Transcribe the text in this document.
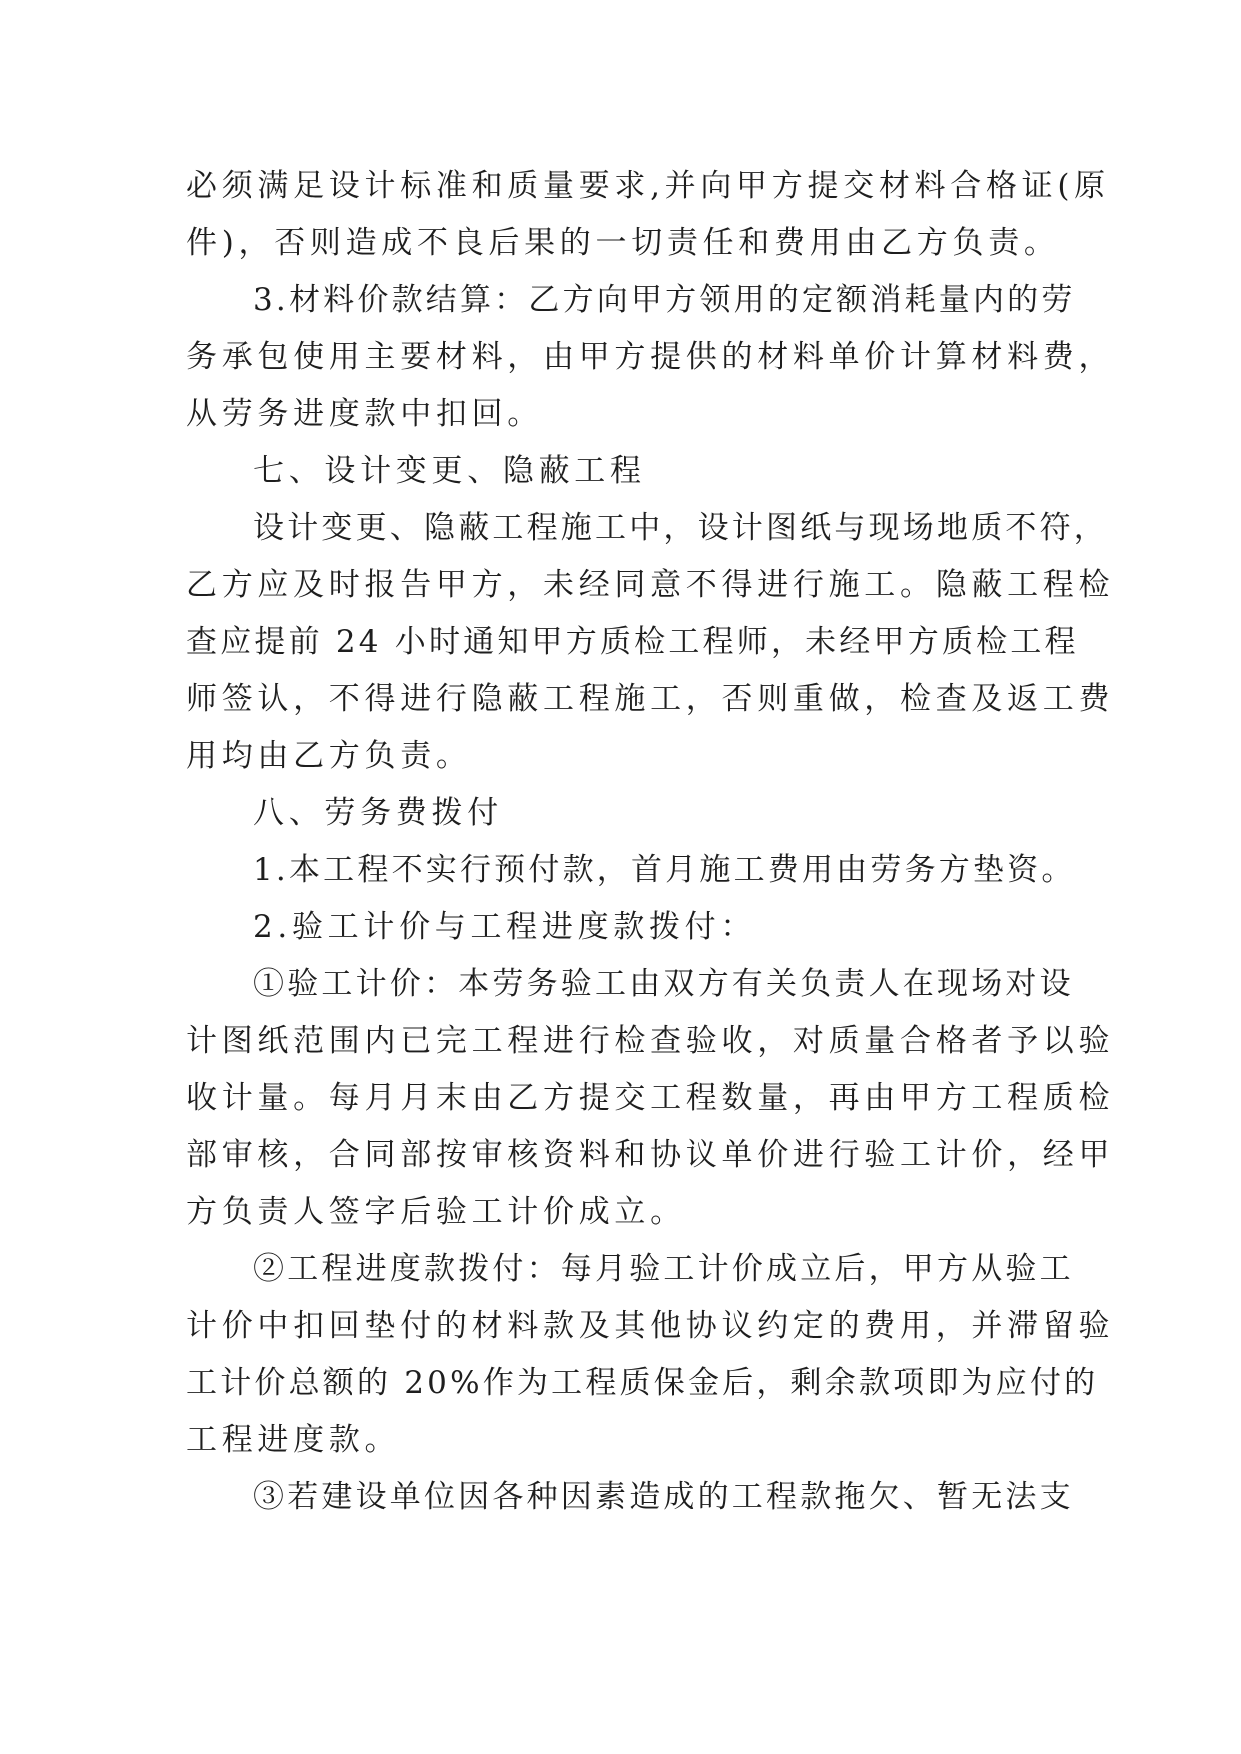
必须满足设计标准和质量要求,并向甲方提交材料合格证(原
件)，否则造成不良后果的一切责任和费用由乙方负责。
3.材料价款结算：乙方向甲方领用的定额消耗量内的劳
务承包使用主要材料，由甲方提供的材料单价计算材料费，
从劳务进度款中扣回。
七、设计变更、隐蔽工程
设计变更、隐蔽工程施工中，设计图纸与现场地质不符，
乙方应及时报告甲方，未经同意不得进行施工。隐蔽工程检
查应提前 24 小时通知甲方质检工程师，未经甲方质检工程
师签认，不得进行隐蔽工程施工，否则重做，检查及返工费
用均由乙方负责。
八、劳务费拨付
1.本工程不实行预付款，首月施工费用由劳务方垫资。
2.验工计价与工程进度款拨付：
①验工计价：本劳务验工由双方有关负责人在现场对设
计图纸范围内已完工程进行检查验收，对质量合格者予以验
收计量。每月月末由乙方提交工程数量，再由甲方工程质检
部审核，合同部按审核资料和协议单价进行验工计价，经甲
方负责人签字后验工计价成立。
②工程进度款拨付：每月验工计价成立后，甲方从验工
计价中扣回垫付的材料款及其他协议约定的费用，并滞留验
工计价总额的 20%作为工程质保金后，剩余款项即为应付的
工程进度款。
③若建设单位因各种因素造成的工程款拖欠、暂无法支
